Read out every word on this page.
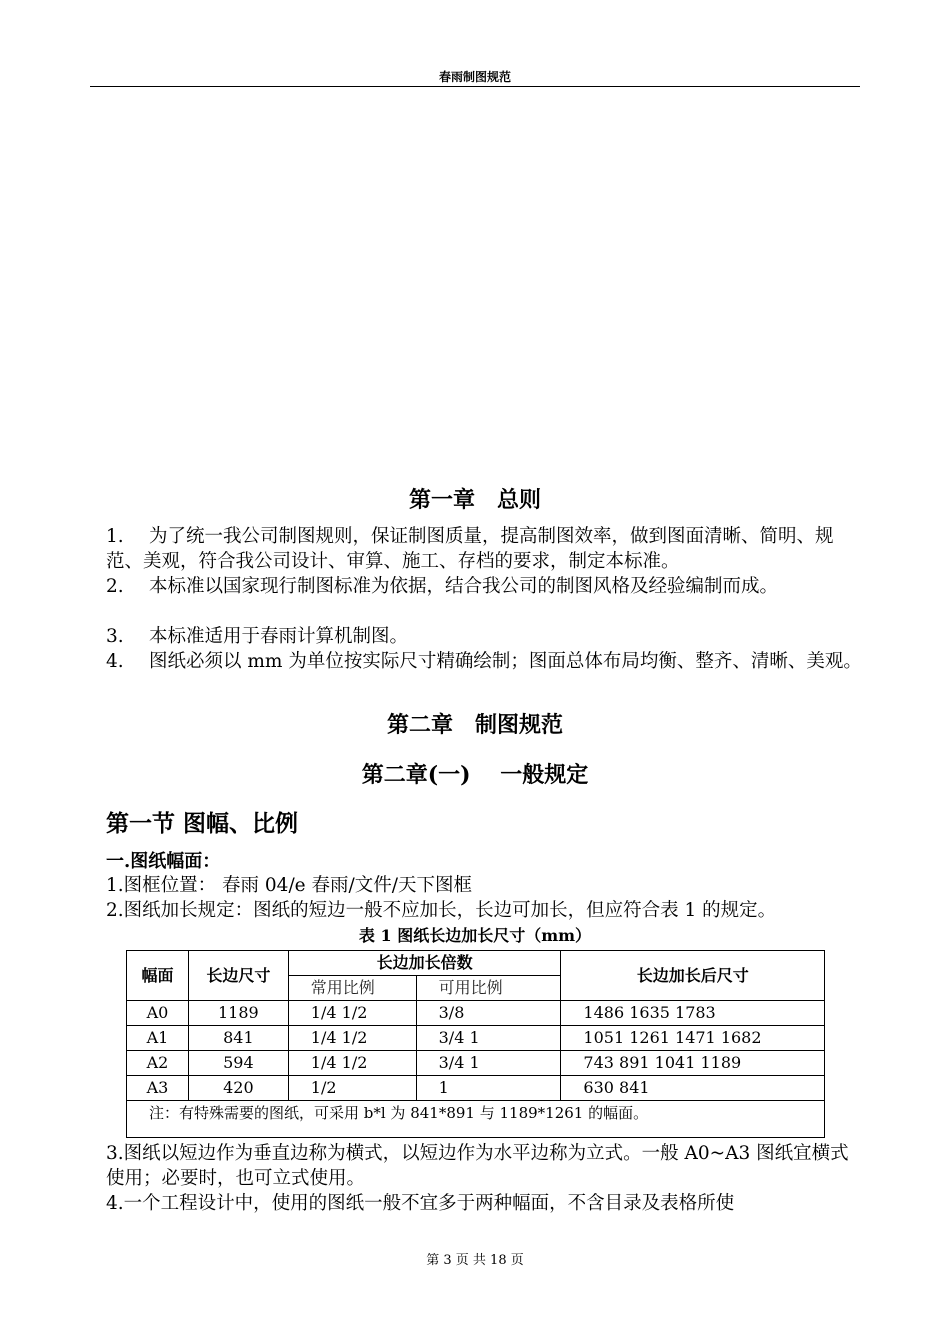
春雨制图规范
第一章　总则
1. 为了统一我公司制图规则，保证制图质量，提高制图效率，做到图面清晰、简明、规范、美观，符合我公司设计、审算、施工、存档的要求，制定本标准。
2. 本标准以国家现行制图标准为依据，结合我公司的制图风格及经验编制而成。
3. 本标准适用于春雨计算机制图。
4. 图纸必须以 mm 为单位按实际尺寸精确绘制；图面总体布局均衡、整齐、清晰、美观。
第二章　制图规范
第二章(一)　 一般规定
第一节 图幅、比例
一.图纸幅面：
1.图框位置： 春雨 04/e 春雨/文件/天下图框
2.图纸加长规定：图纸的短边一般不应加长，长边可加长，但应符合表 1 的规定。
表 1 图纸长边加长尺寸（mm）
幅面	长边尺寸	长边加长倍数		长边加长后尺寸
		常用比例	可用比例	
A0	1189	1/4 1/2	3/8	1486 1635 1783
A1	841	1/4 1/2	3/4 1	1051 1261 1471 1682
A2	594	1/4 1/2	3/4 1	743 891 1041 1189
A3	420	1/2	1	630 841
注：有特殊需要的图纸，可采用 b*l 为 841*891 与 1189*1261 的幅面。				
3.图纸以短边作为垂直边称为横式，以短边作为水平边称为立式。一般 A0~A3 图纸宜横式使用；必要时，也可立式使用。
4.一个工程设计中，使用的图纸一般不宜多于两种幅面，不含目录及表格所使
第 3 页 共 18 页
